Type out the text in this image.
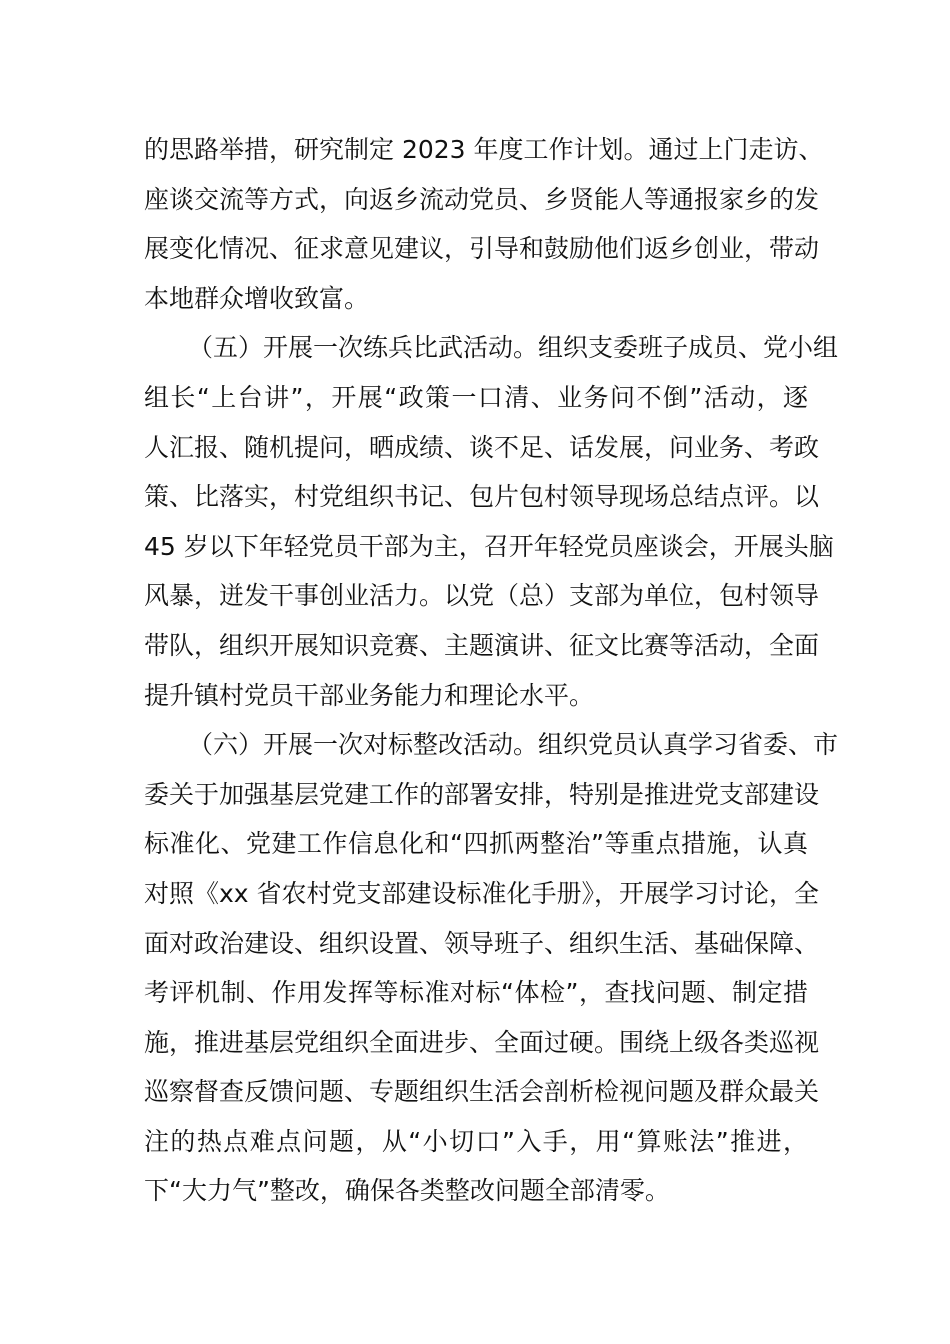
的思路举措，研究制定 2023 年度工作计划。通过上门走访、
座谈交流等方式，向返乡流动党员、乡贤能人等通报家乡的发
展变化情况、征求意见建议，引导和鼓励他们返乡创业，带动
本地群众增收致富。
（五）开展一次练兵比武活动。组织支委班子成员、党小组
组长“上台讲”，开展“政策一口清、业务问不倒”活动，逐
人汇报、随机提问，晒成绩、谈不足、话发展，问业务、考政
策、比落实，村党组织书记、包片包村领导现场总结点评。以
45 岁以下年轻党员干部为主，召开年轻党员座谈会，开展头脑
风暴，迸发干事创业活力。以党（总）支部为单位，包村领导
带队，组织开展知识竞赛、主题演讲、征文比赛等活动，全面
提升镇村党员干部业务能力和理论水平。
（六）开展一次对标整改活动。组织党员认真学习省委、市
委关于加强基层党建工作的部署安排，特别是推进党支部建设
标准化、党建工作信息化和“四抓两整治”等重点措施，认真
对照《xx 省农村党支部建设标准化手册》，开展学习讨论，全
面对政治建设、组织设置、领导班子、组织生活、基础保障、
考评机制、作用发挥等标准对标“体检”，查找问题、制定措
施，推进基层党组织全面进步、全面过硬。围绕上级各类巡视
巡察督查反馈问题、专题组织生活会剖析检视问题及群众最关
注的热点难点问题，从“小切口”入手，用“算账法”推进，
下“大力气”整改，确保各类整改问题全部清零。
